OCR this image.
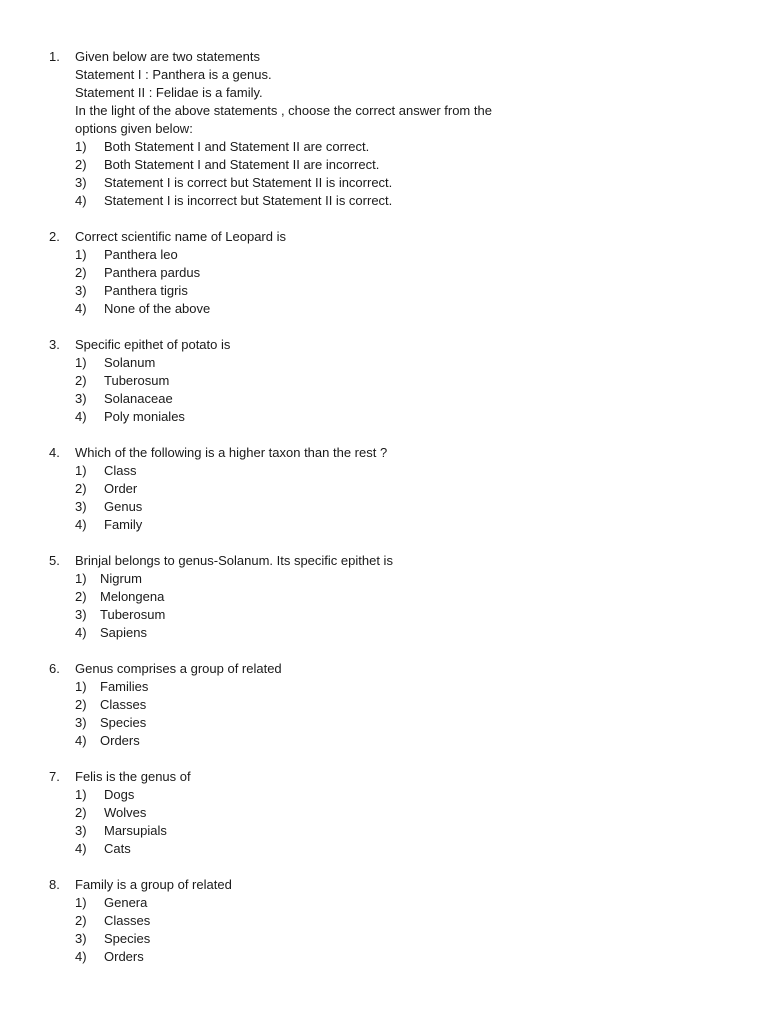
1. Given below are two statements
Statement I : Panthera is a genus.
Statement II : Felidae is a family.
In the light of the above statements , choose the correct answer from the
options given below:
1) Both Statement I and Statement II are correct.
2) Both Statement I and Statement II are incorrect.
3) Statement I is correct but Statement II is incorrect.
4) Statement I is incorrect but Statement II is correct.
2. Correct scientific name of Leopard is
1) Panthera leo
2) Panthera pardus
3) Panthera tigris
4) None of the above
3. Specific epithet of potato is
1) Solanum
2) Tuberosum
3) Solanaceae
4) Poly moniales
4. Which of the following is a higher taxon than the rest ?
1) Class
2) Order
3) Genus
4) Family
5. Brinjal belongs to genus-Solanum. Its specific epithet is
1) Nigrum
2) Melongena
3) Tuberosum
4) Sapiens
6. Genus comprises a group of related
1) Families
2) Classes
3) Species
4) Orders
7. Felis is the genus of
1) Dogs
2) Wolves
3) Marsupials
4) Cats
8. Family is a group of related
1) Genera
2) Classes
3) Species
4) Orders
